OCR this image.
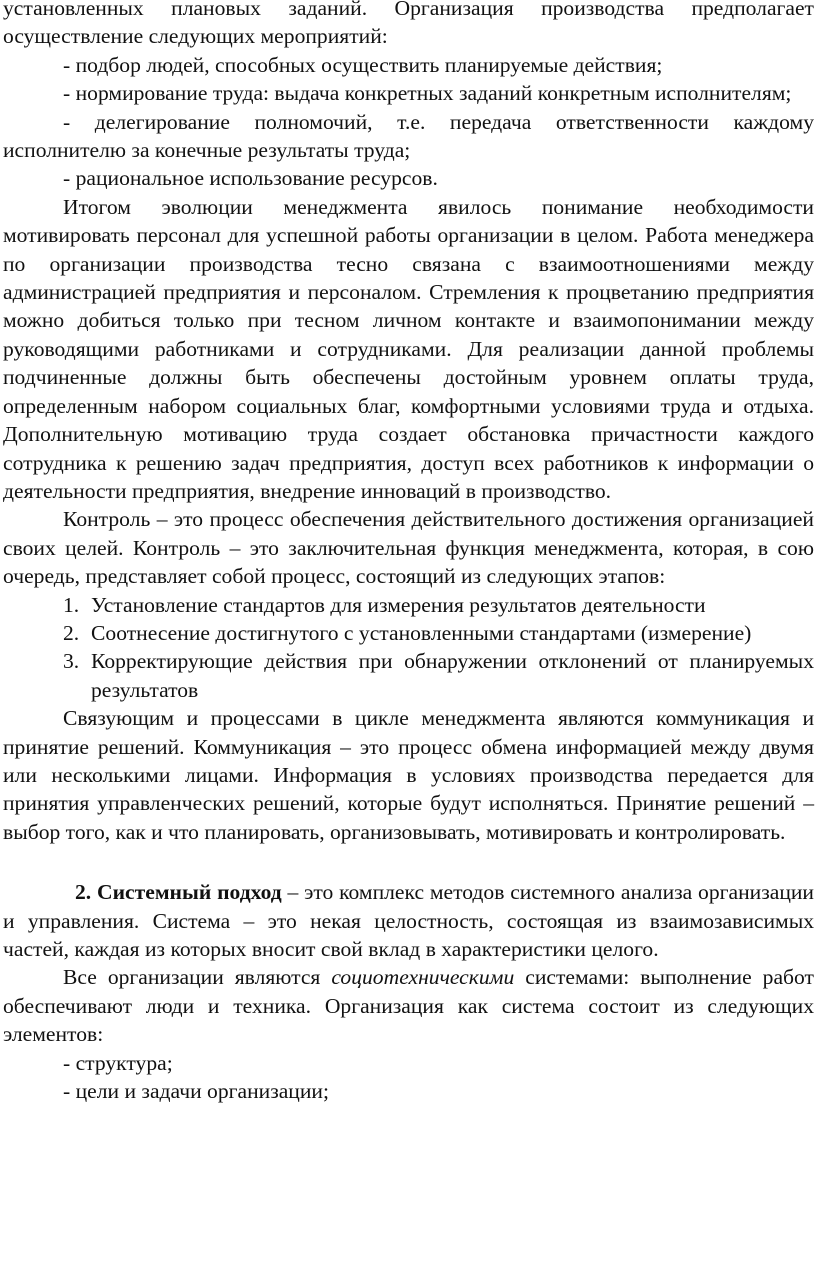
установленных плановых заданий. Организация производства предполагает осуществление следующих мероприятий:

- подбор людей, способных осуществить планируемые действия;

- нормирование труда: выдача конкретных заданий конкретным исполнителям;

- делегирование полномочий, т.е. передача ответственности каждому исполнителю за конечные результаты труда;

- рациональное использование ресурсов.

Итогом эволюции менеджмента явилось понимание необходимости мотивировать персонал для успешной работы организации в целом. Работа менеджера по организации производства тесно связана с взаимоотношениями между администрацией предприятия и персоналом. Стремления к процветанию предприятия можно добиться только при тесном личном контакте и взаимопонимании между руководящими работниками и сотрудниками. Для реализации данной проблемы подчиненные должны быть обеспечены достойным уровнем оплаты труда, определенным набором социальных благ, комфортными условиями труда и отдыха. Дополнительную мотивацию труда создает обстановка причастности каждого сотрудника к решению задач предприятия, доступ всех работников к информации о деятельности предприятия, внедрение инноваций в производство.

Контроль – это процесс обеспечения действительного достижения организацией своих целей. Контроль – это заключительная функция менеджмента, которая, в сою очередь, представляет собой процесс, состоящий из следующих этапов:

1. Установление стандартов для измерения результатов деятельности
2. Соотнесение достигнутого с установленными стандартами (измерение)
3. Корректирующие действия при обнаружении отклонений от планируемых результатов

Связующим и процессами в цикле менеджмента являются коммуникация и принятие решений. Коммуникация – это процесс обмена информацией между двумя или несколькими лицами. Информация в условиях производства передается для принятия управленческих решений, которые будут исполняться. Принятие решений – выбор того, как и что планировать, организовывать, мотивировать и контролировать.

2. Системный подход – это комплекс методов системного анализа организации и управления. Система – это некая целостность, состоящая из взаимозависимых частей, каждая из которых вносит свой вклад в характеристики целого.

Все организации являются социотехническими системами: выполнение работ обеспечивают люди и техника. Организация как система состоит из следующих элементов:

- структура;

- цели и задачи организации;
